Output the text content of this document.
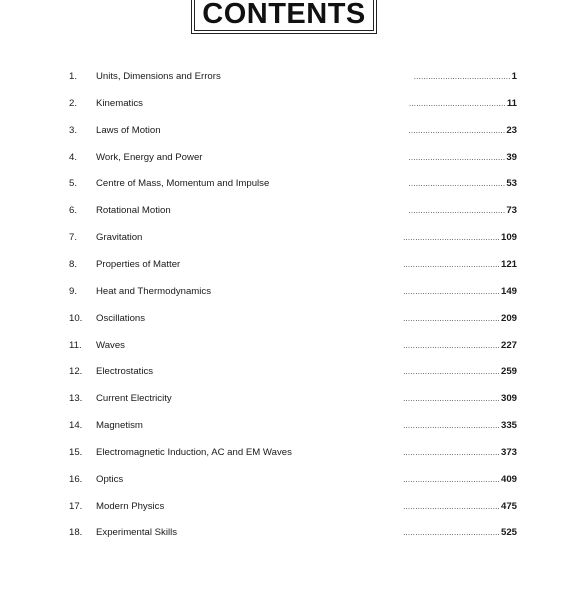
CONTENTS
1. Units, Dimensions and Errors	........................................ 1
2. Kinematics	........................................ 11
3. Laws of Motion	........................................ 23
4. Work, Energy and Power	........................................ 39
5. Centre of Mass, Momentum and Impulse	........................................ 53
6. Rotational Motion	........................................ 73
7. Gravitation	........................................ 109
8. Properties of Matter	........................................ 121
9. Heat and Thermodynamics	........................................ 149
10. Oscillations	........................................ 209
11. Waves	........................................ 227
12. Electrostatics	........................................ 259
13. Current Electricity	........................................ 309
14. Magnetism	........................................ 335
15. Electromagnetic Induction, AC and EM Waves	........................................ 373
16. Optics	........................................ 409
17. Modern Physics	........................................ 475
18. Experimental Skills	........................................ 525
